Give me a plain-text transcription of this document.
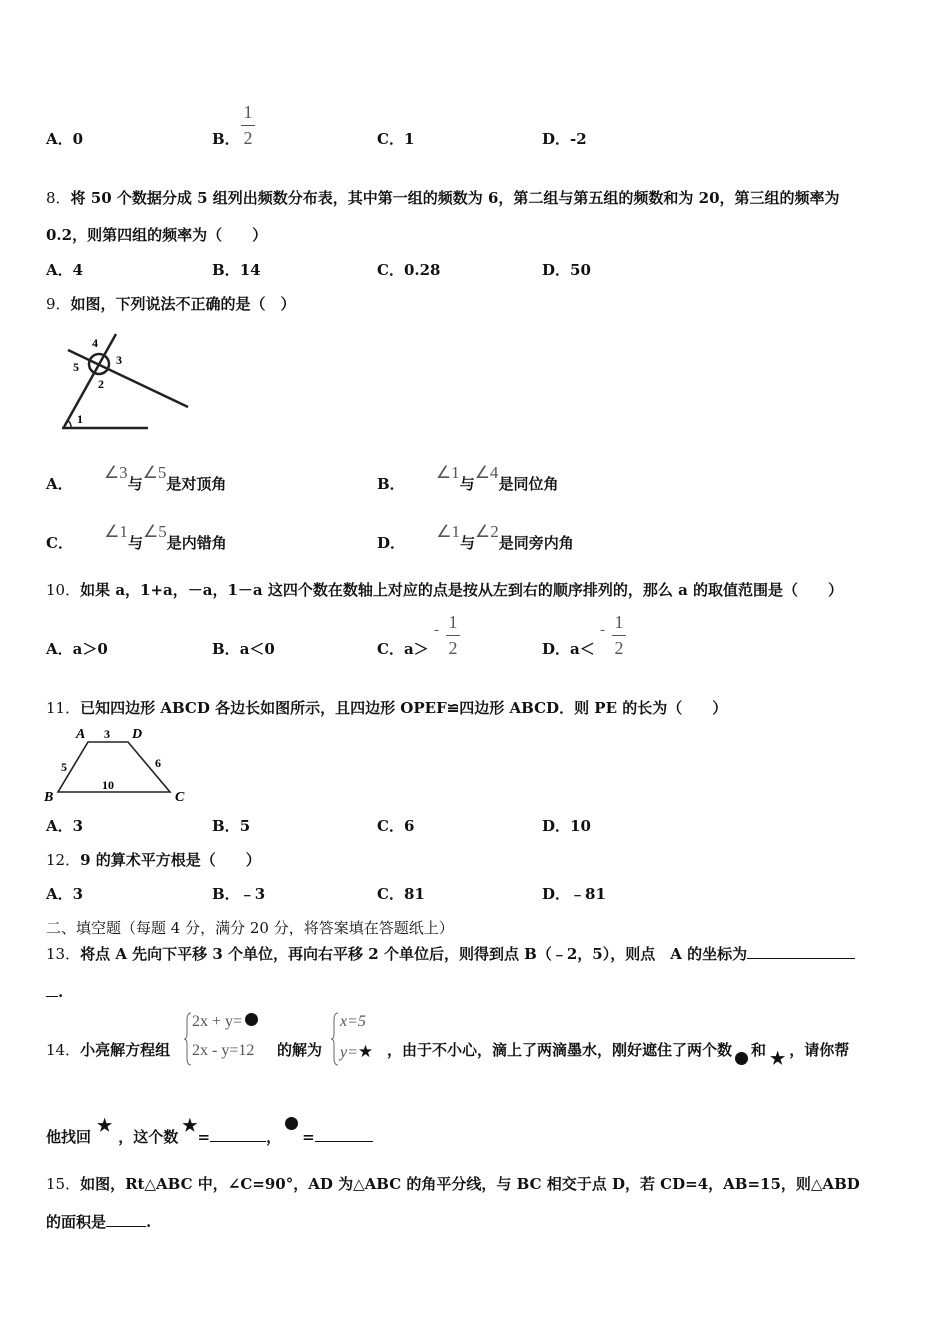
A．0	B．
1
2	C．1	D．-2
8．将 50 个数据分成 5 组列出频数分布表，其中第一组的频数为 6，第二组与第五组的频数和为 20，第三组的频率为
0.2，则第四组的频率为（　　）
A．4	B．14	C．0.28	D．50
9．如图，下列说法不正确的是（　）
4
3
5
2
1
A． ∠3与∠5是对顶角	B． ∠1与∠4是同位角
C． ∠1与∠5是内错角	D． ∠1与∠2是同旁内角
10．如果 a，1+a，－a，1－a 这四个数在数轴上对应的点是按从左到右的顺序排列的，那么 a 的取值范围是（　　）
A．a＞0	B．a＜0	C．a＞
- 1
2	D．a＜
- 1
2
11．已知四边形 ABCD 各边长如图所示，且四边形 OPEF≌四边形 ABCD．则 PE 的长为（　　）
A	D
B	C
3
5	6
10
A．3	B．5	C．6	D．10
12．9 的算术平方根是（　　）
A．3	B．﹣3	C．81	D．﹣81
二、填空题（每题 4 分，满分 20 分，将答案填在答题纸上）
13．将点 A 先向下平移 3 个单位，再向右平移 2 个单位后，则得到点 B（﹣2，5），则点　A 的坐标为
.
14．小亮解方程组
2x + y=
2x - y=12 的解为
x=5
y=★ ，由于不小心，滴上了两滴墨水，刚好遮住了两个数 和 ★ ，请你帮
他找回★，这个数★=	， =
15．如图，Rt△ABC 中，∠C=90°，AD 为△ABC 的角平分线，与 BC 相交于点 D，若 CD=4，AB=15，则△ABD
的面积是	.
